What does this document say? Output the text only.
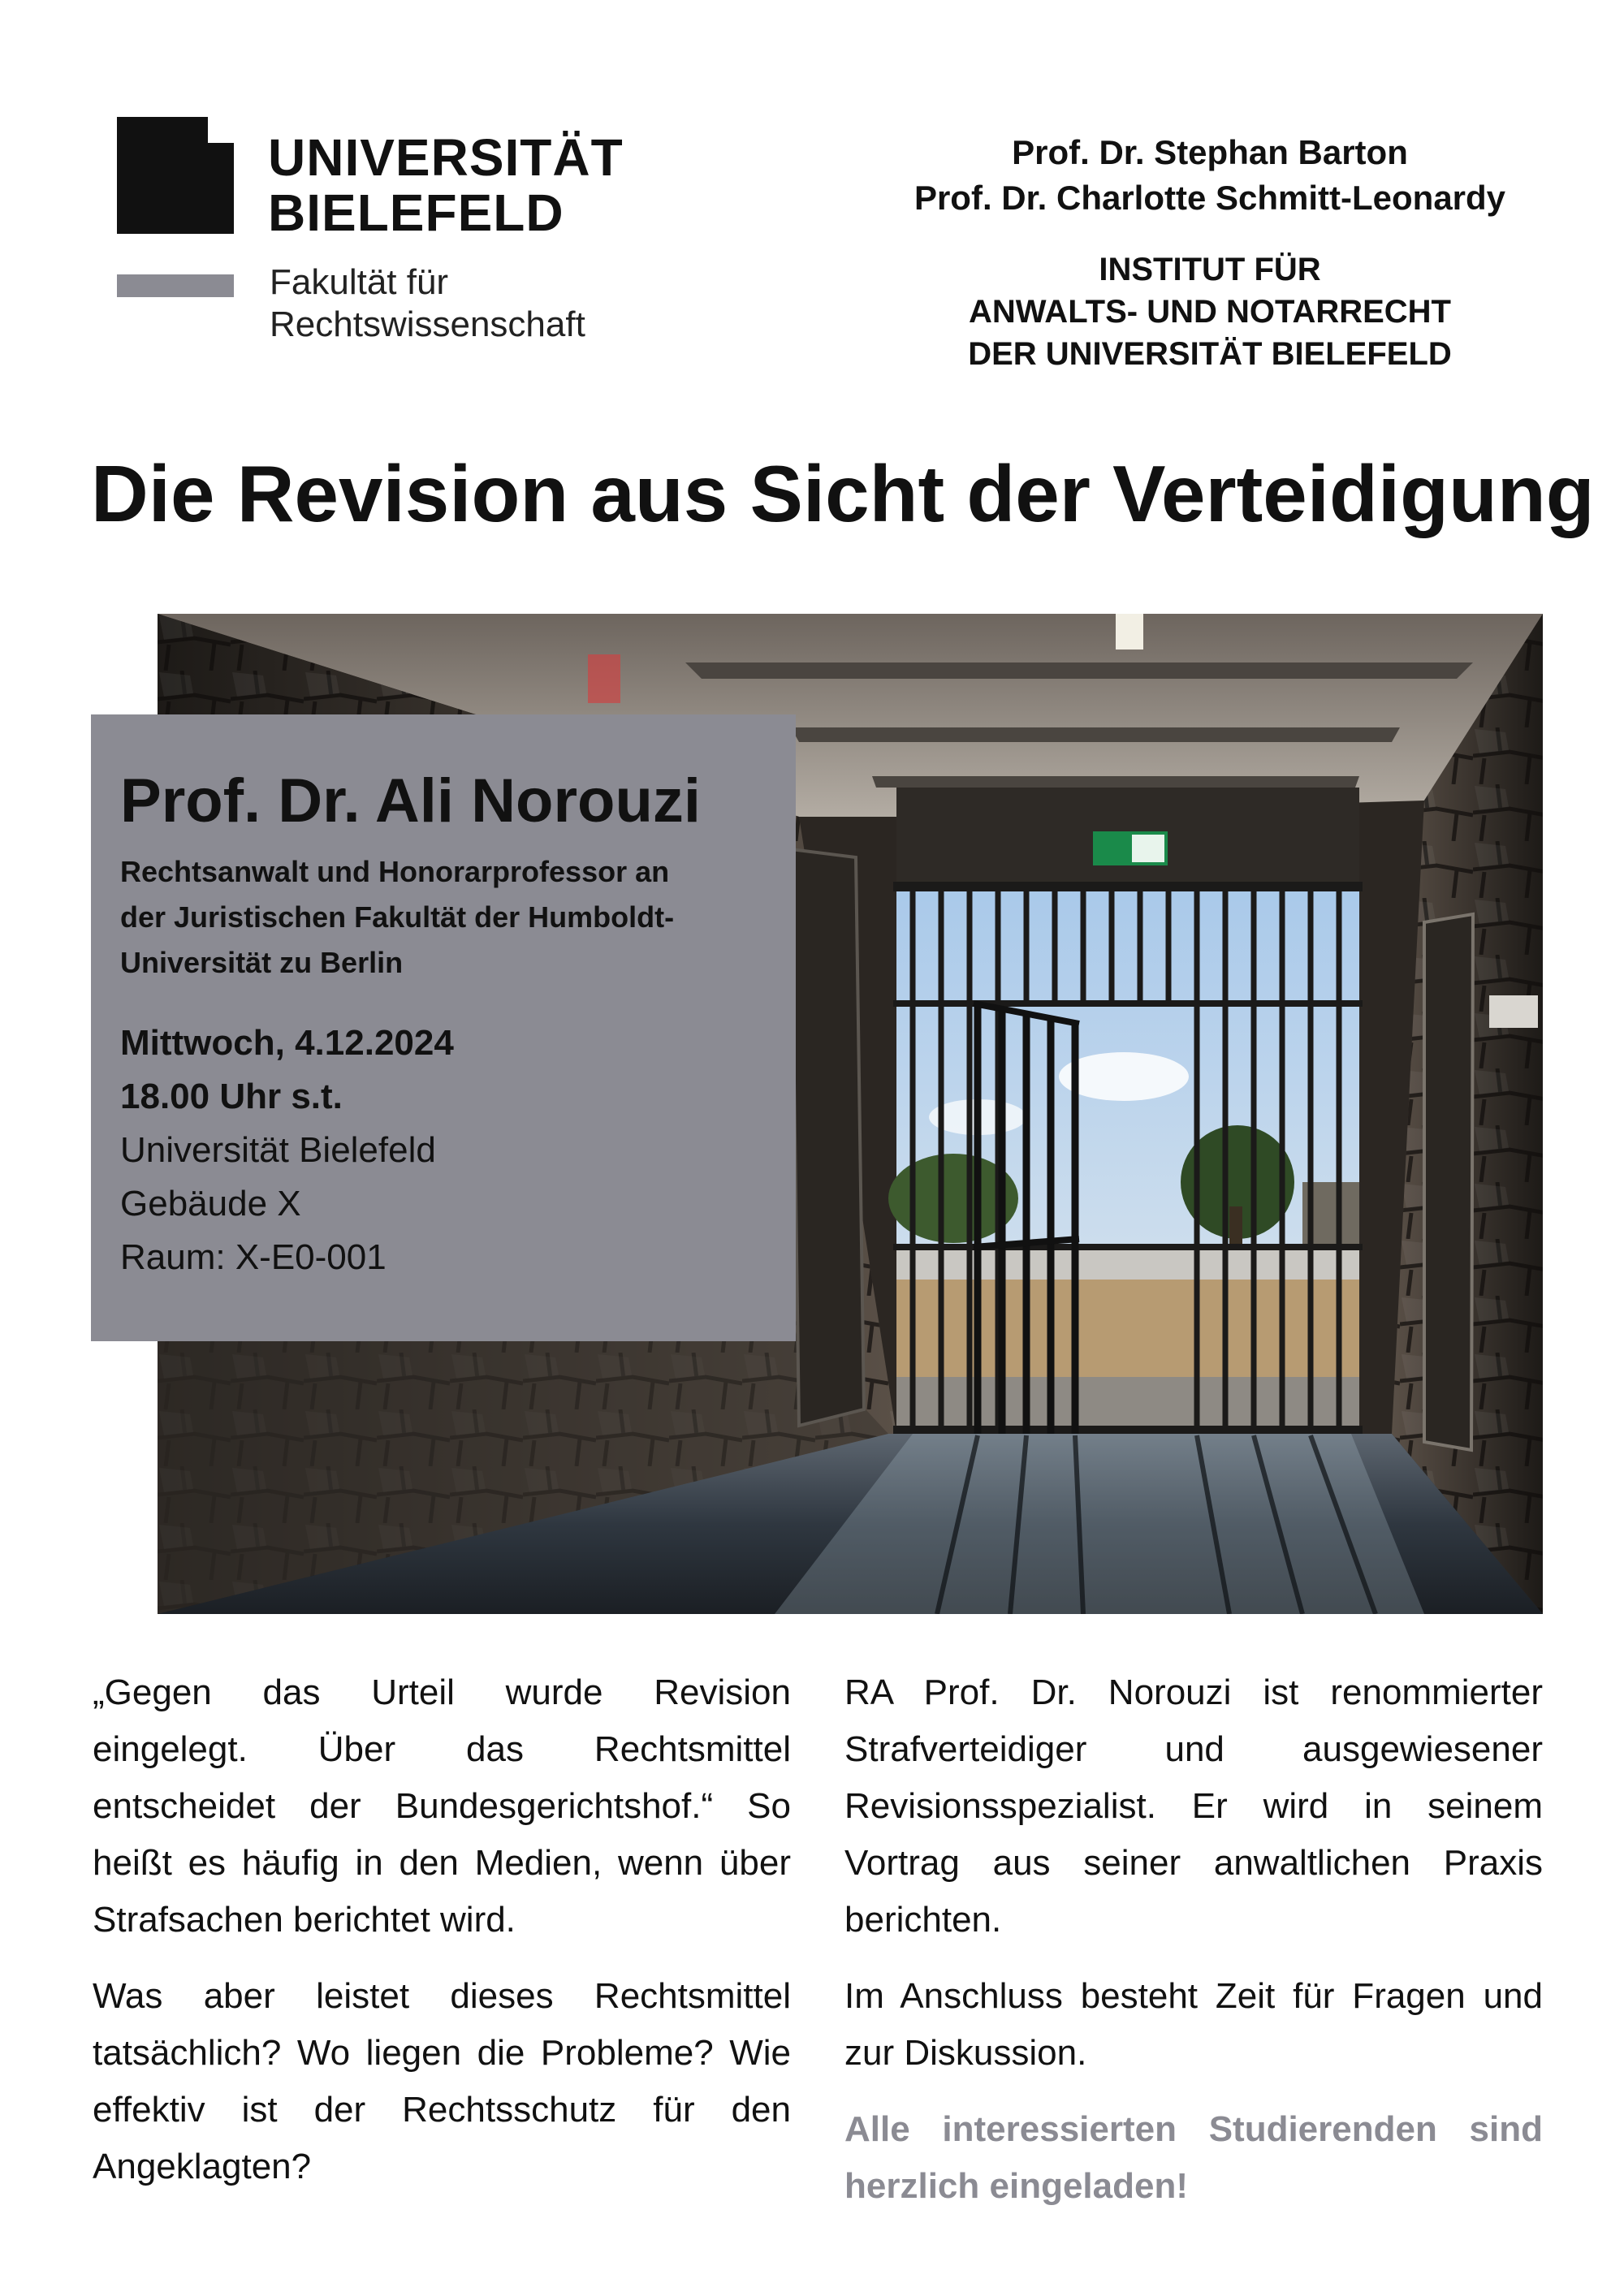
UNIVERSITÄT
BIELEFELD
Fakultät für
Rechtswissenschaft
Prof. Dr. Stephan Barton
Prof. Dr. Charlotte Schmitt-Leonardy
INSTITUT FÜR
ANWALTS- UND NOTARRECHT
DER UNIVERSITÄT BIELEFELD
Die Revision aus Sicht der Verteidigung
Prof. Dr. Ali Norouzi
Rechtsanwalt und Honorarprofessor an
der Juristischen Fakultät der Humboldt-
Universität zu Berlin
Mittwoch, 4.12.2024
18.00 Uhr s.t.
Universität Bielefeld
Gebäude X
Raum: X-E0-001

„Gegen das Urteil wurde Revision eingelegt. Über das Rechtsmittel entscheidet der Bundesgerichtshof.“ So heißt es häufig in den Medien, wenn über Strafsachen berichtet wird.

Was aber leistet dieses Rechtsmittel tatsächlich? Wo liegen die Probleme? Wie effektiv ist der Rechtsschutz für den Angeklagten?

RA Prof. Dr. Norouzi ist renommierter Strafverteidiger und ausgewiesener Revisionsspezialist. Er wird in seinem Vortrag aus seiner anwaltlichen Praxis berichten.

Im Anschluss besteht Zeit für Fragen und zur Diskussion.

Alle interessierten Studierenden sind herzlich eingeladen!
